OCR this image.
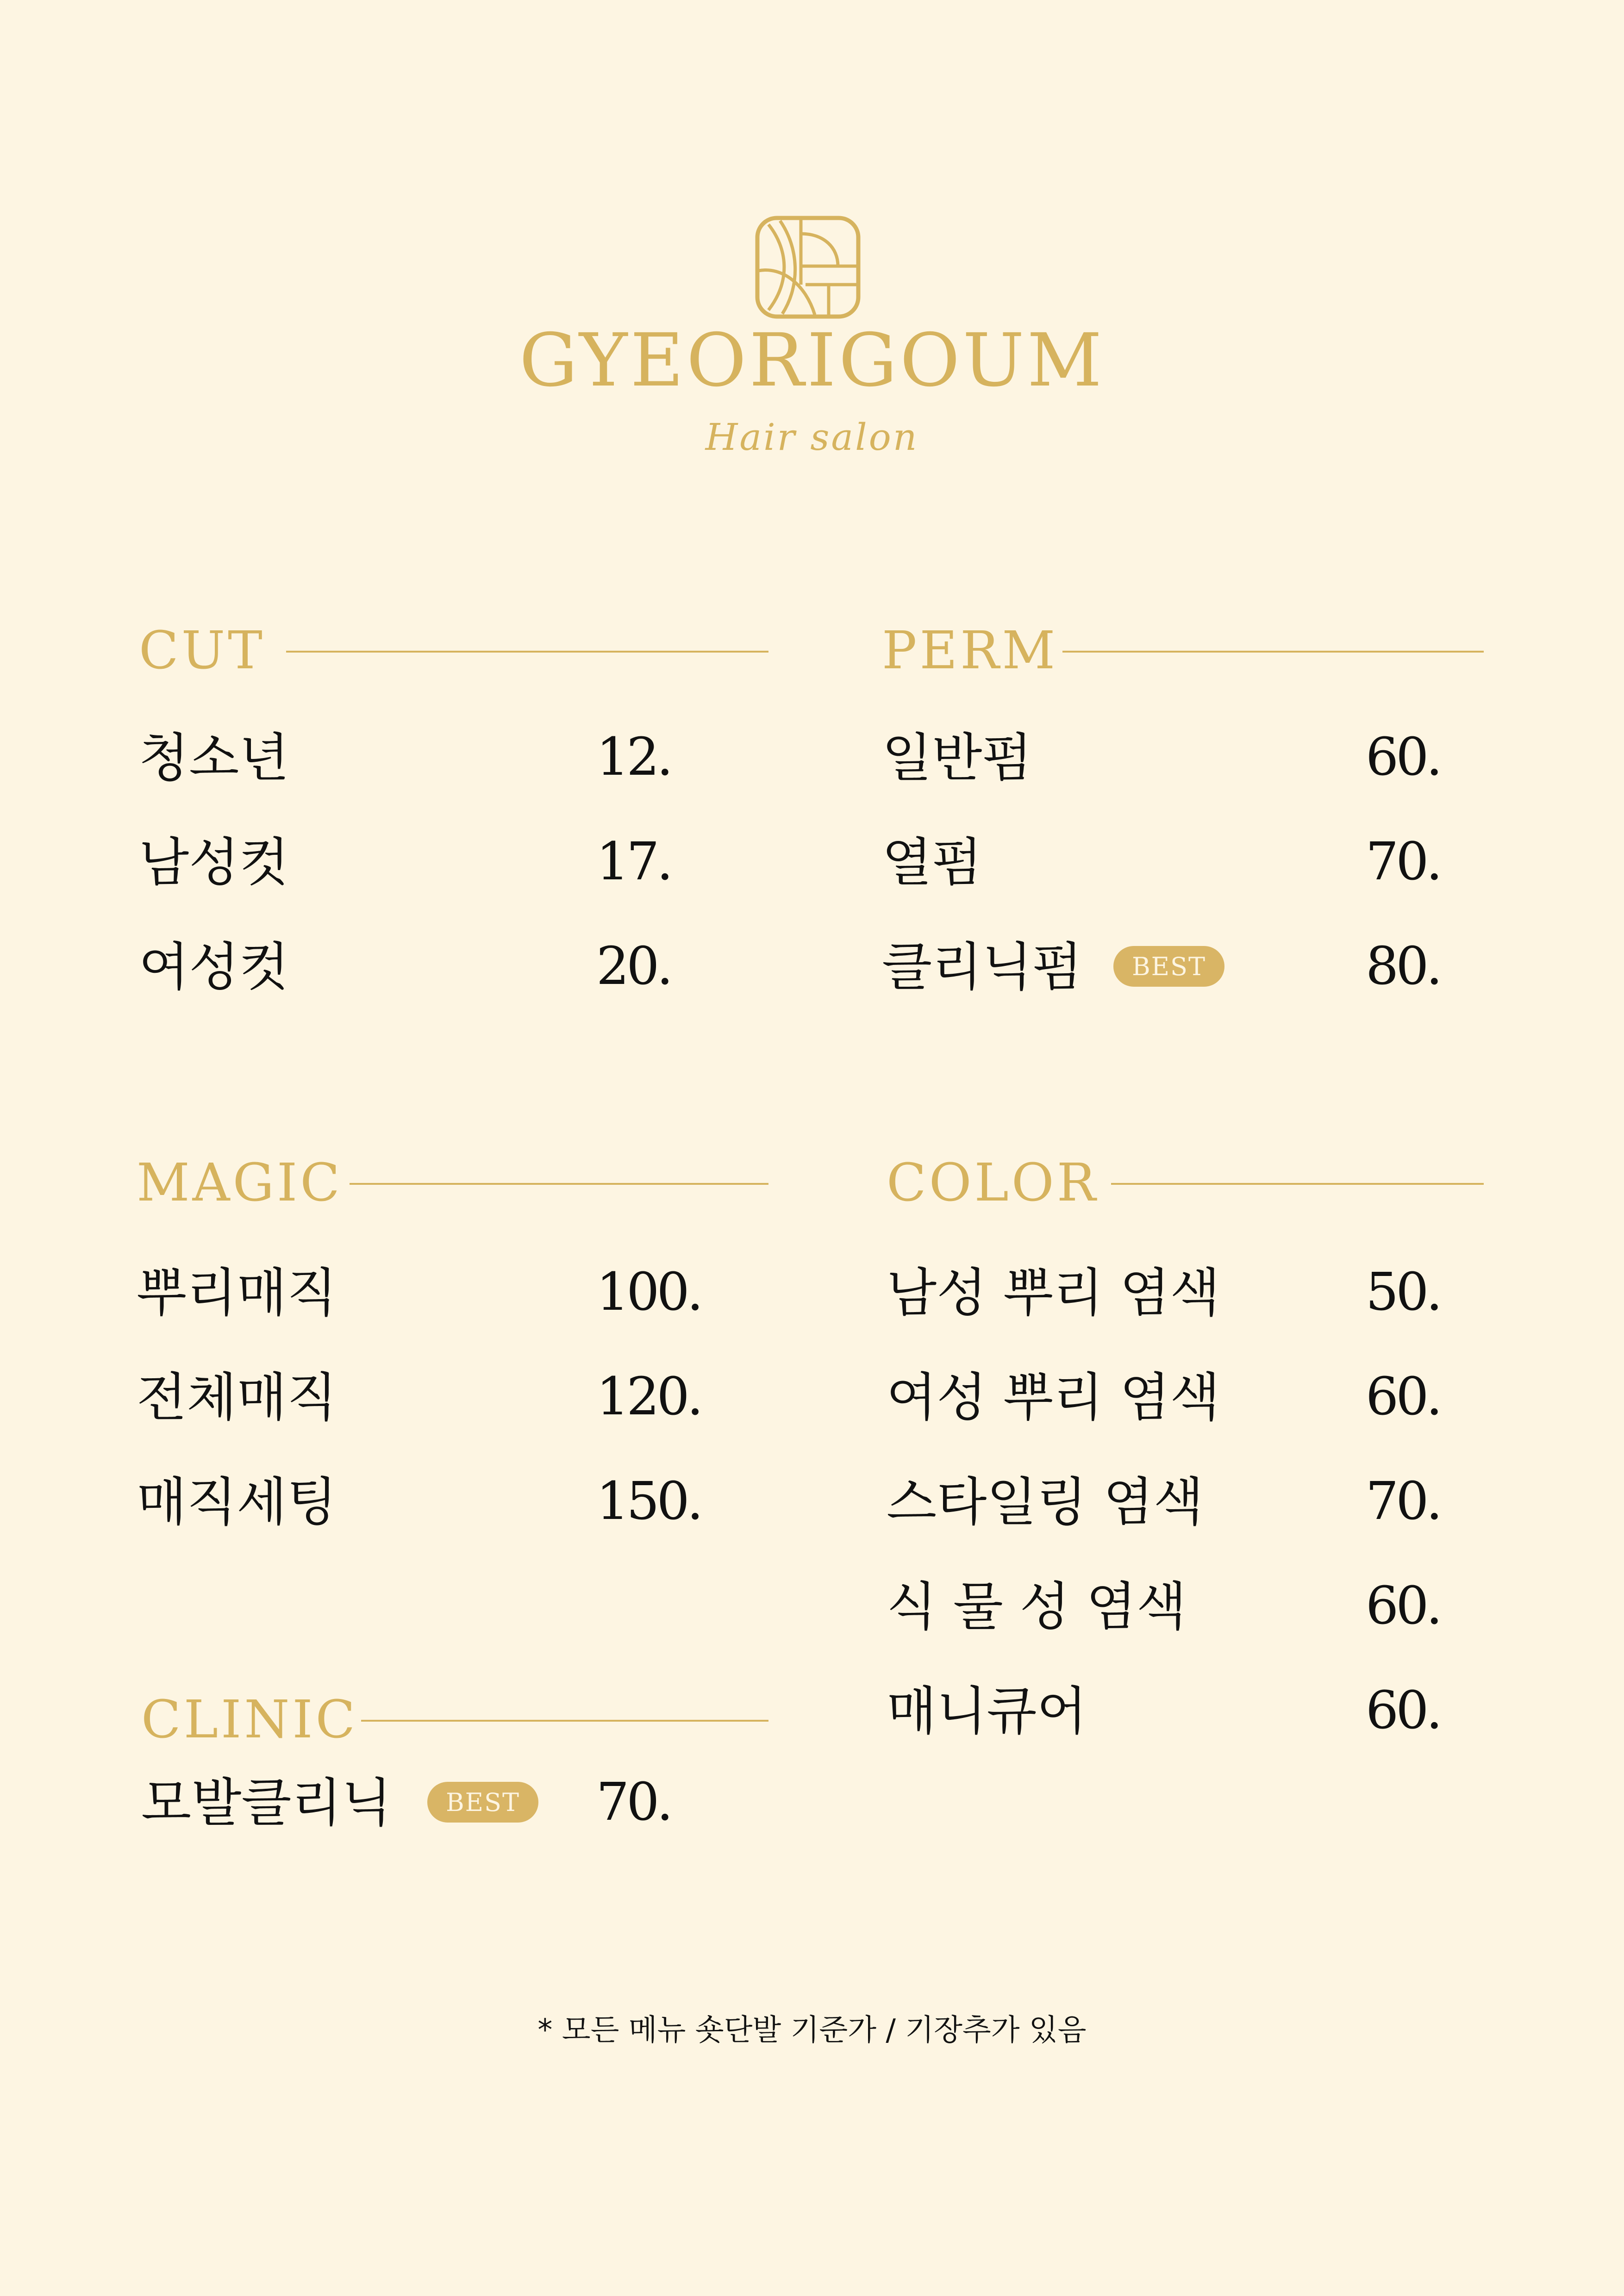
GYEORIGOUM
Hair salon
CUT
청소년	12.
남성컷	17.
여성컷	20.
PERM
일반펌	60.
열펌	70.
클리닉펌	BEST	80.
MAGIC
뿌리매직	100.
전체매직	120.
매직세팅	150.
COLOR
남성 뿌리 염색	50.
여성 뿌리 염색	60.
스타일링 염색	70.
식 물 성 염색	60.
매니큐어	60.
CLINIC
모발클리닉	BEST	70.
* 모든 메뉴 숏단발 기준가 / 기장추가 있음
